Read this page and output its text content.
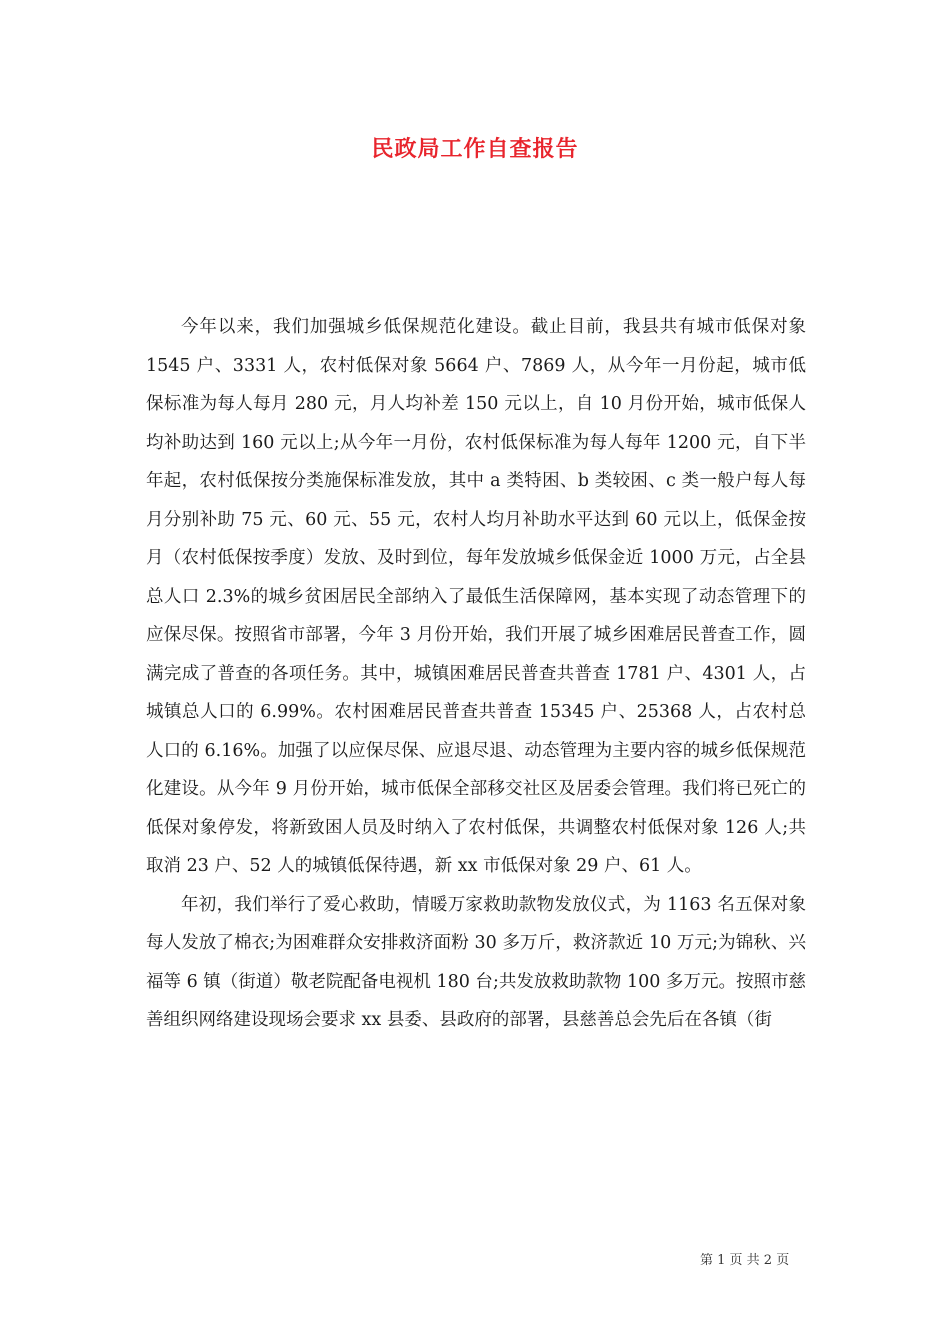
民政局工作自查报告

今年以来，我们加强城乡低保规范化建设。截止目前，我县共有城市低保对象 1545 户、3331 人，农村低保对象 5664 户、7869 人，从今年一月份起，城市低保标准为每人每月 280 元，月人均补差 150 元以上，自 10 月份开始，城市低保人均补助达到 160 元以上;从今年一月份，农村低保标准为每人每年 1200 元，自下半年起，农村低保按分类施保标准发放，其中 a 类特困、b 类较困、c 类一般户每人每月分别补助 75 元、60 元、55 元，农村人均月补助水平达到 60 元以上，低保金按月（农村低保按季度）发放、及时到位，每年发放城乡低保金近 1000 万元，占全县总人口 2.3%的城乡贫困居民全部纳入了最低生活保障网，基本实现了动态管理下的应保尽保。按照省市部署，今年 3 月份开始，我们开展了城乡困难居民普查工作，圆满完成了普查的各项任务。其中，城镇困难居民普查共普查 1781 户、4301 人，占城镇总人口的 6.99%。农村困难居民普查共普查 15345 户、25368 人，占农村总人口的 6.16%。加强了以应保尽保、应退尽退、动态管理为主要内容的城乡低保规范化建设。从今年 9 月份开始，城市低保全部移交社区及居委会管理。我们将已死亡的低保对象停发，将新致困人员及时纳入了农村低保，共调整农村低保对象 126 人;共取消 23 户、52 人的城镇低保待遇，新 xx 市低保对象 29 户、61 人。

年初，我们举行了爱心救助，情暖万家救助款物发放仪式，为 1163 名五保对象每人发放了棉衣;为困难群众安排救济面粉 30 多万斤，救济款近 10 万元;为锦秋、兴福等 6 镇（街道）敬老院配备电视机 180 台;共发放救助款物 100 多万元。按照市慈善组织网络建设现场会要求 xx 县委、县政府的部署，县慈善总会先后在各镇（街

第 1 页 共 2 页
